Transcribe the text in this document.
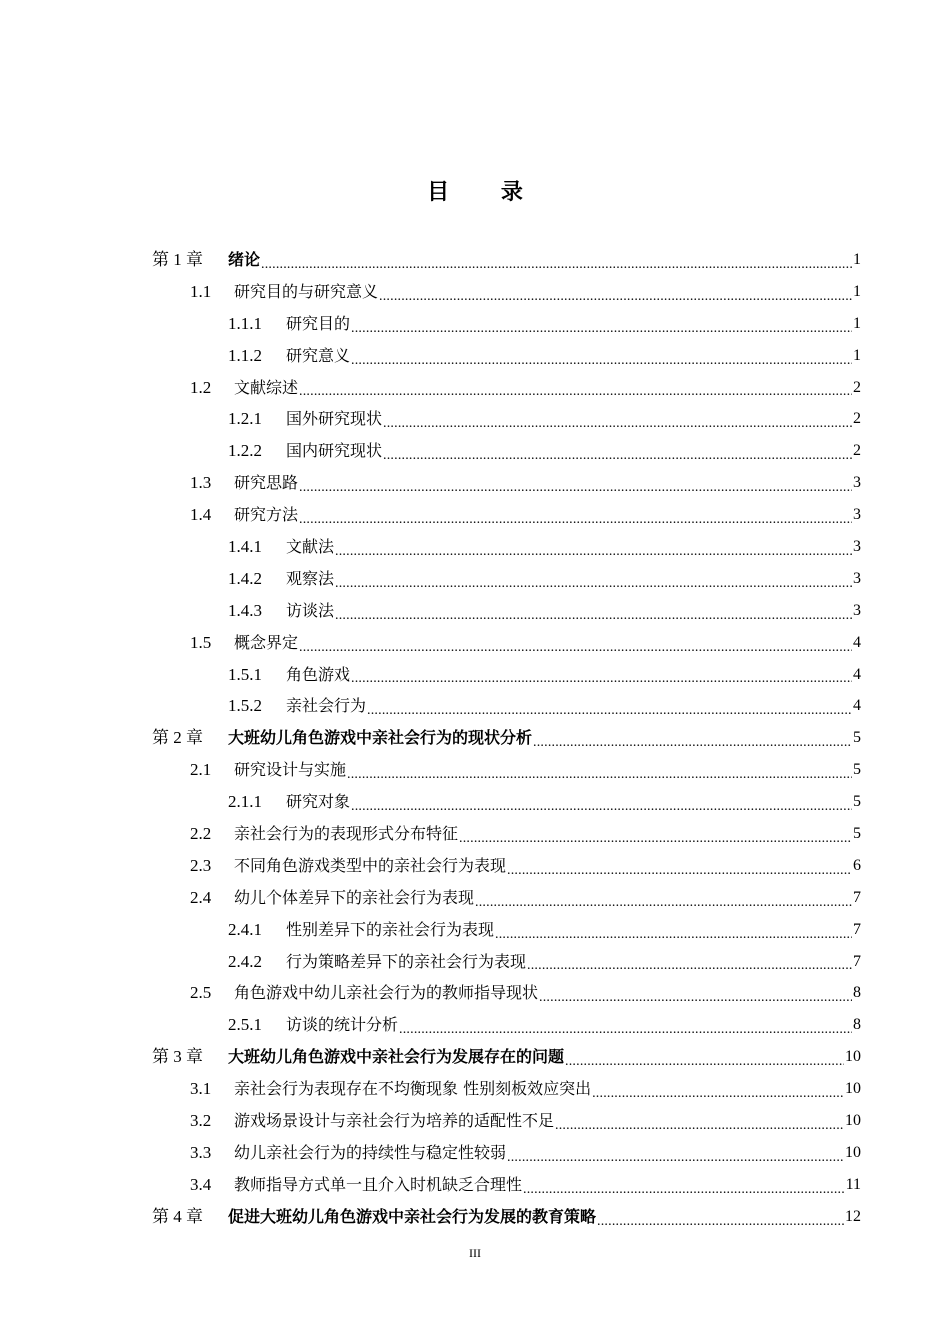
目 录
第 1 章	绪论 .....	1
1.1	研究目的与研究意义 .....	1
1.1.1	研究目的 .....	1
1.1.2	研究意义 .....	1
1.2	文献综述 .....	2
1.2.1	国外研究现状 .....	2
1.2.2	国内研究现状 .....	2
1.3	研究思路 .....	3
1.4	研究方法 .....	3
1.4.1	文献法 .....	3
1.4.2	观察法 .....	3
1.4.3	访谈法 .....	3
1.5	概念界定 .....	4
1.5.1	角色游戏 .....	4
1.5.2	亲社会行为 .....	4
第 2 章	大班幼儿角色游戏中亲社会行为的现状分析 .....	5
2.1	研究设计与实施 .....	5
2.1.1	研究对象 .....	5
2.2	亲社会行为的表现形式分布特征 .....	5
2.3	不同角色游戏类型中的亲社会行为表现 .....	6
2.4	幼儿个体差异下的亲社会行为表现 .....	7
2.4.1	性别差异下的亲社会行为表现 .....	7
2.4.2	行为策略差异下的亲社会行为表现 .....	7
2.5	角色游戏中幼儿亲社会行为的教师指导现状 .....	8
2.5.1	访谈的统计分析 .....	8
第 3 章	大班幼儿角色游戏中亲社会行为发展存在的问题 .....	10
3.1	亲社会行为表现存在不均衡现象 性别刻板效应突出 .....	10
3.2	游戏场景设计与亲社会行为培养的适配性不足 .....	10
3.3	幼儿亲社会行为的持续性与稳定性较弱 .....	10
3.4	教师指导方式单一且介入时机缺乏合理性 .....	11
第 4 章	促进大班幼儿角色游戏中亲社会行为发展的教育策略 .....	12
III
